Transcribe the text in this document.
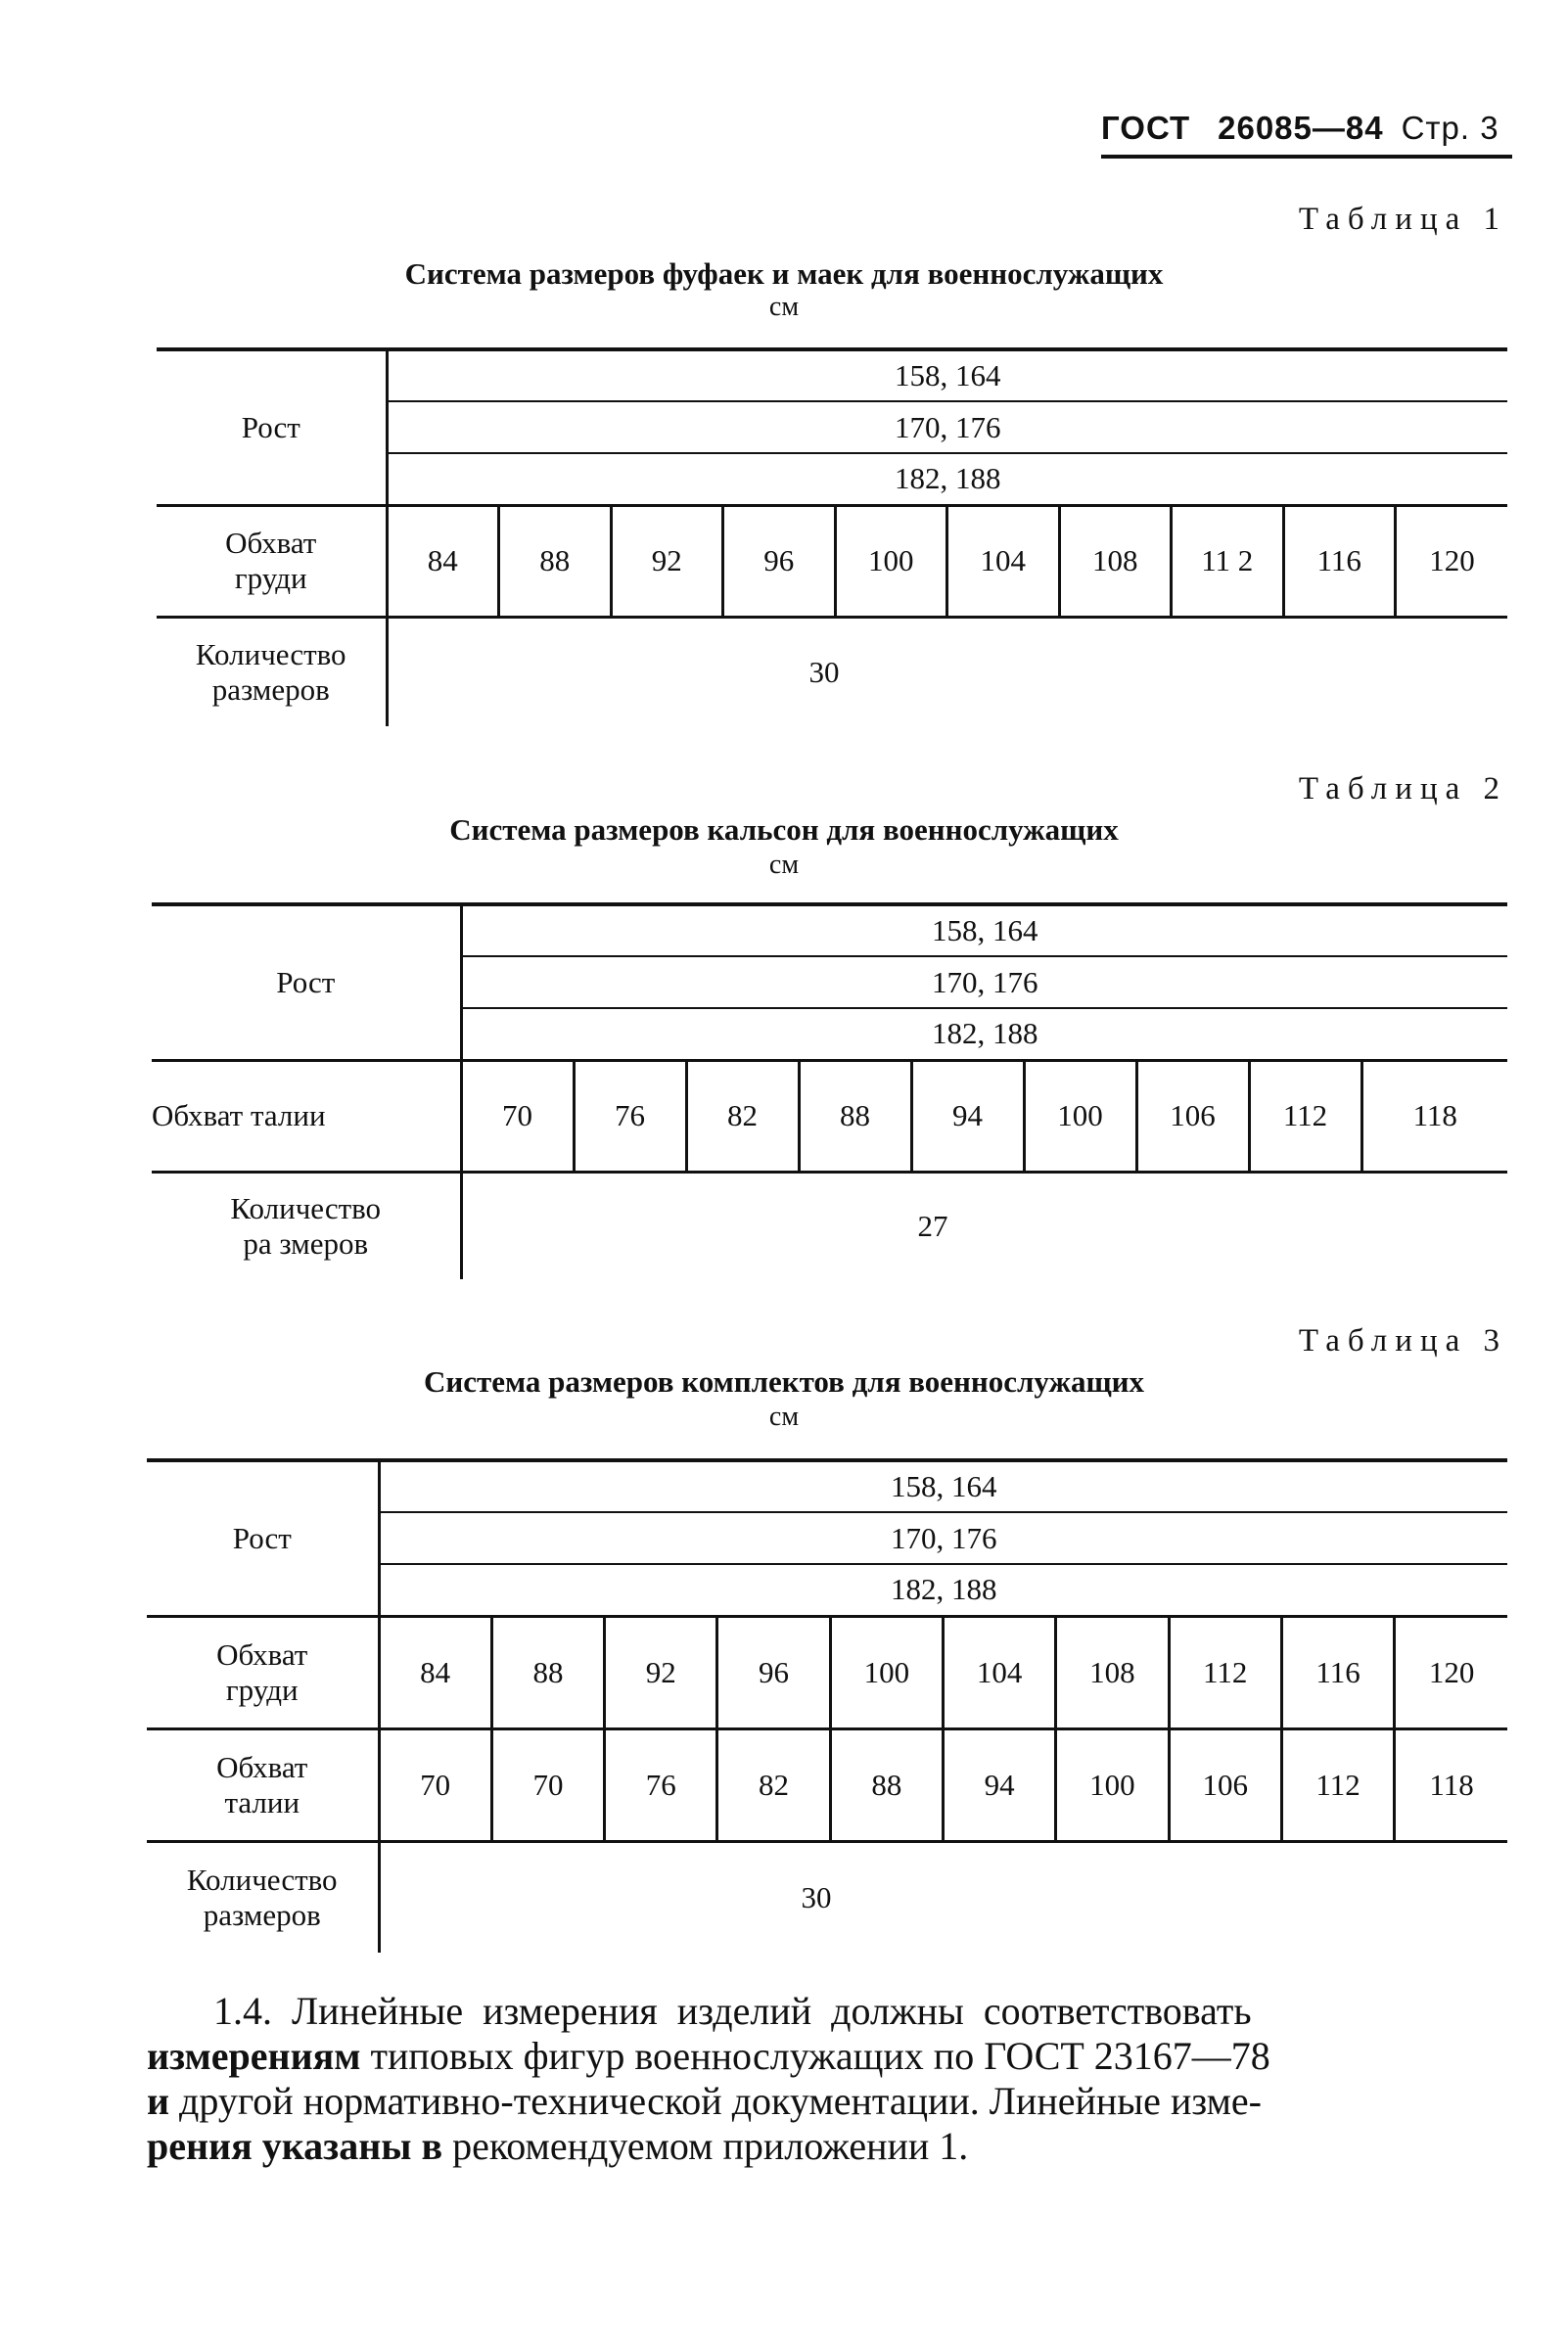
ГОСТ 26085—84 Стр. 3
Таблица 1
Система размеров фуфаек и маек для военнослужащих
см
Рост	158, 164									
	170, 176									
	182, 188									
Обхват
груди	84	88	92	96	100	104	108	11 2	116	120
Количество
размеров	30									
Таблица 2
Система размеров кальсон для военнослужащих
см
Рост	158, 164								
	170, 176								
	182, 188								
Обхват талии	70	76	82	88	94	100	106	112	118
Количество
ра змеров	27								
Таблица 3
Система размеров комплектов для военнослужащих
см
Рост	158, 164									
	170, 176									
	182, 188									
Обхват
груди	84	88	92	96	100	104	108	112	116	120
Обхват
талии	70	70	76	82	88	94	100	106	112	118
Количество
размеров	30									
1.4. Линейные измерения изделий должны соответствовать
измерениям типовых фигур военнослужащих по ГОСТ 23167—78
и другой нормативно-технической документации. Линейные изме-
рения указаны в рекомендуемом приложении 1.
